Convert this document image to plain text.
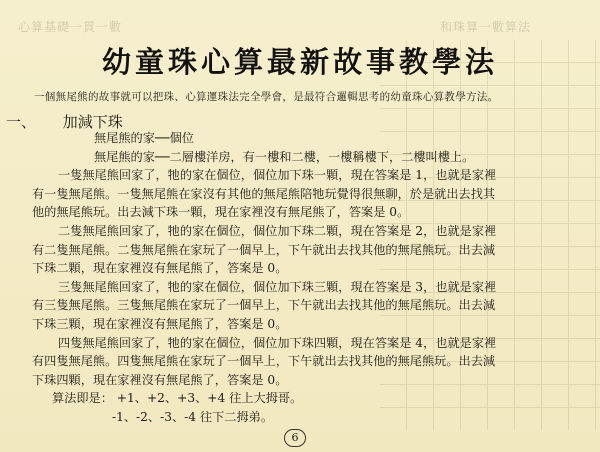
心算基礎一貫一數	和珠算一數算法
幼童珠心算最新故事教學法
一個無尾熊的故事就可以把珠、心算運珠法完全學會，是最符合邏輯思考的幼童珠心算教學方法。
一、 加減下珠
無尾熊的家──個位
無尾熊的家──二層樓洋房，有一樓和二樓，一樓稱樓下，二樓叫樓上。
一隻無尾熊回家了，牠的家在個位，個位加下珠一顆，現在答案是 1，也就是家裡
有一隻無尾熊。一隻無尾熊在家沒有其他的無尾熊陪牠玩覺得很無聊，於是就出去找其
他的無尾熊玩。出去減下珠一顆，現在家裡沒有無尾熊了，答案是 0。
二隻無尾熊回家了，牠的家在個位，個位加下珠二顆，現在答案是 2，也就是家裡
有二隻無尾熊。二隻無尾熊在家玩了一個早上，下午就出去找其他的無尾熊玩。出去減
下珠二顆，現在家裡沒有無尾熊了，答案是 0。
三隻無尾熊回家了，牠的家在個位，個位加下珠三顆，現在答案是 3，也就是家裡
有三隻無尾熊。三隻無尾熊在家玩了一個早上，下午就出去找其他的無尾熊玩。出去減
下珠三顆，現在家裡沒有無尾熊了，答案是 0。
四隻無尾熊回家了，牠的家在個位，個位加下珠四顆，現在答案是 4，也就是家裡
有四隻無尾熊。四隻無尾熊在家玩了一個早上，下午就出去找其他的無尾熊玩。出去減
下珠四顆，現在家裡沒有無尾熊了，答案是 0。
算法即是： +1、+2、+3、+4 往上大拇哥。
-1、-2、-3、-4 往下二拇弟。
6
